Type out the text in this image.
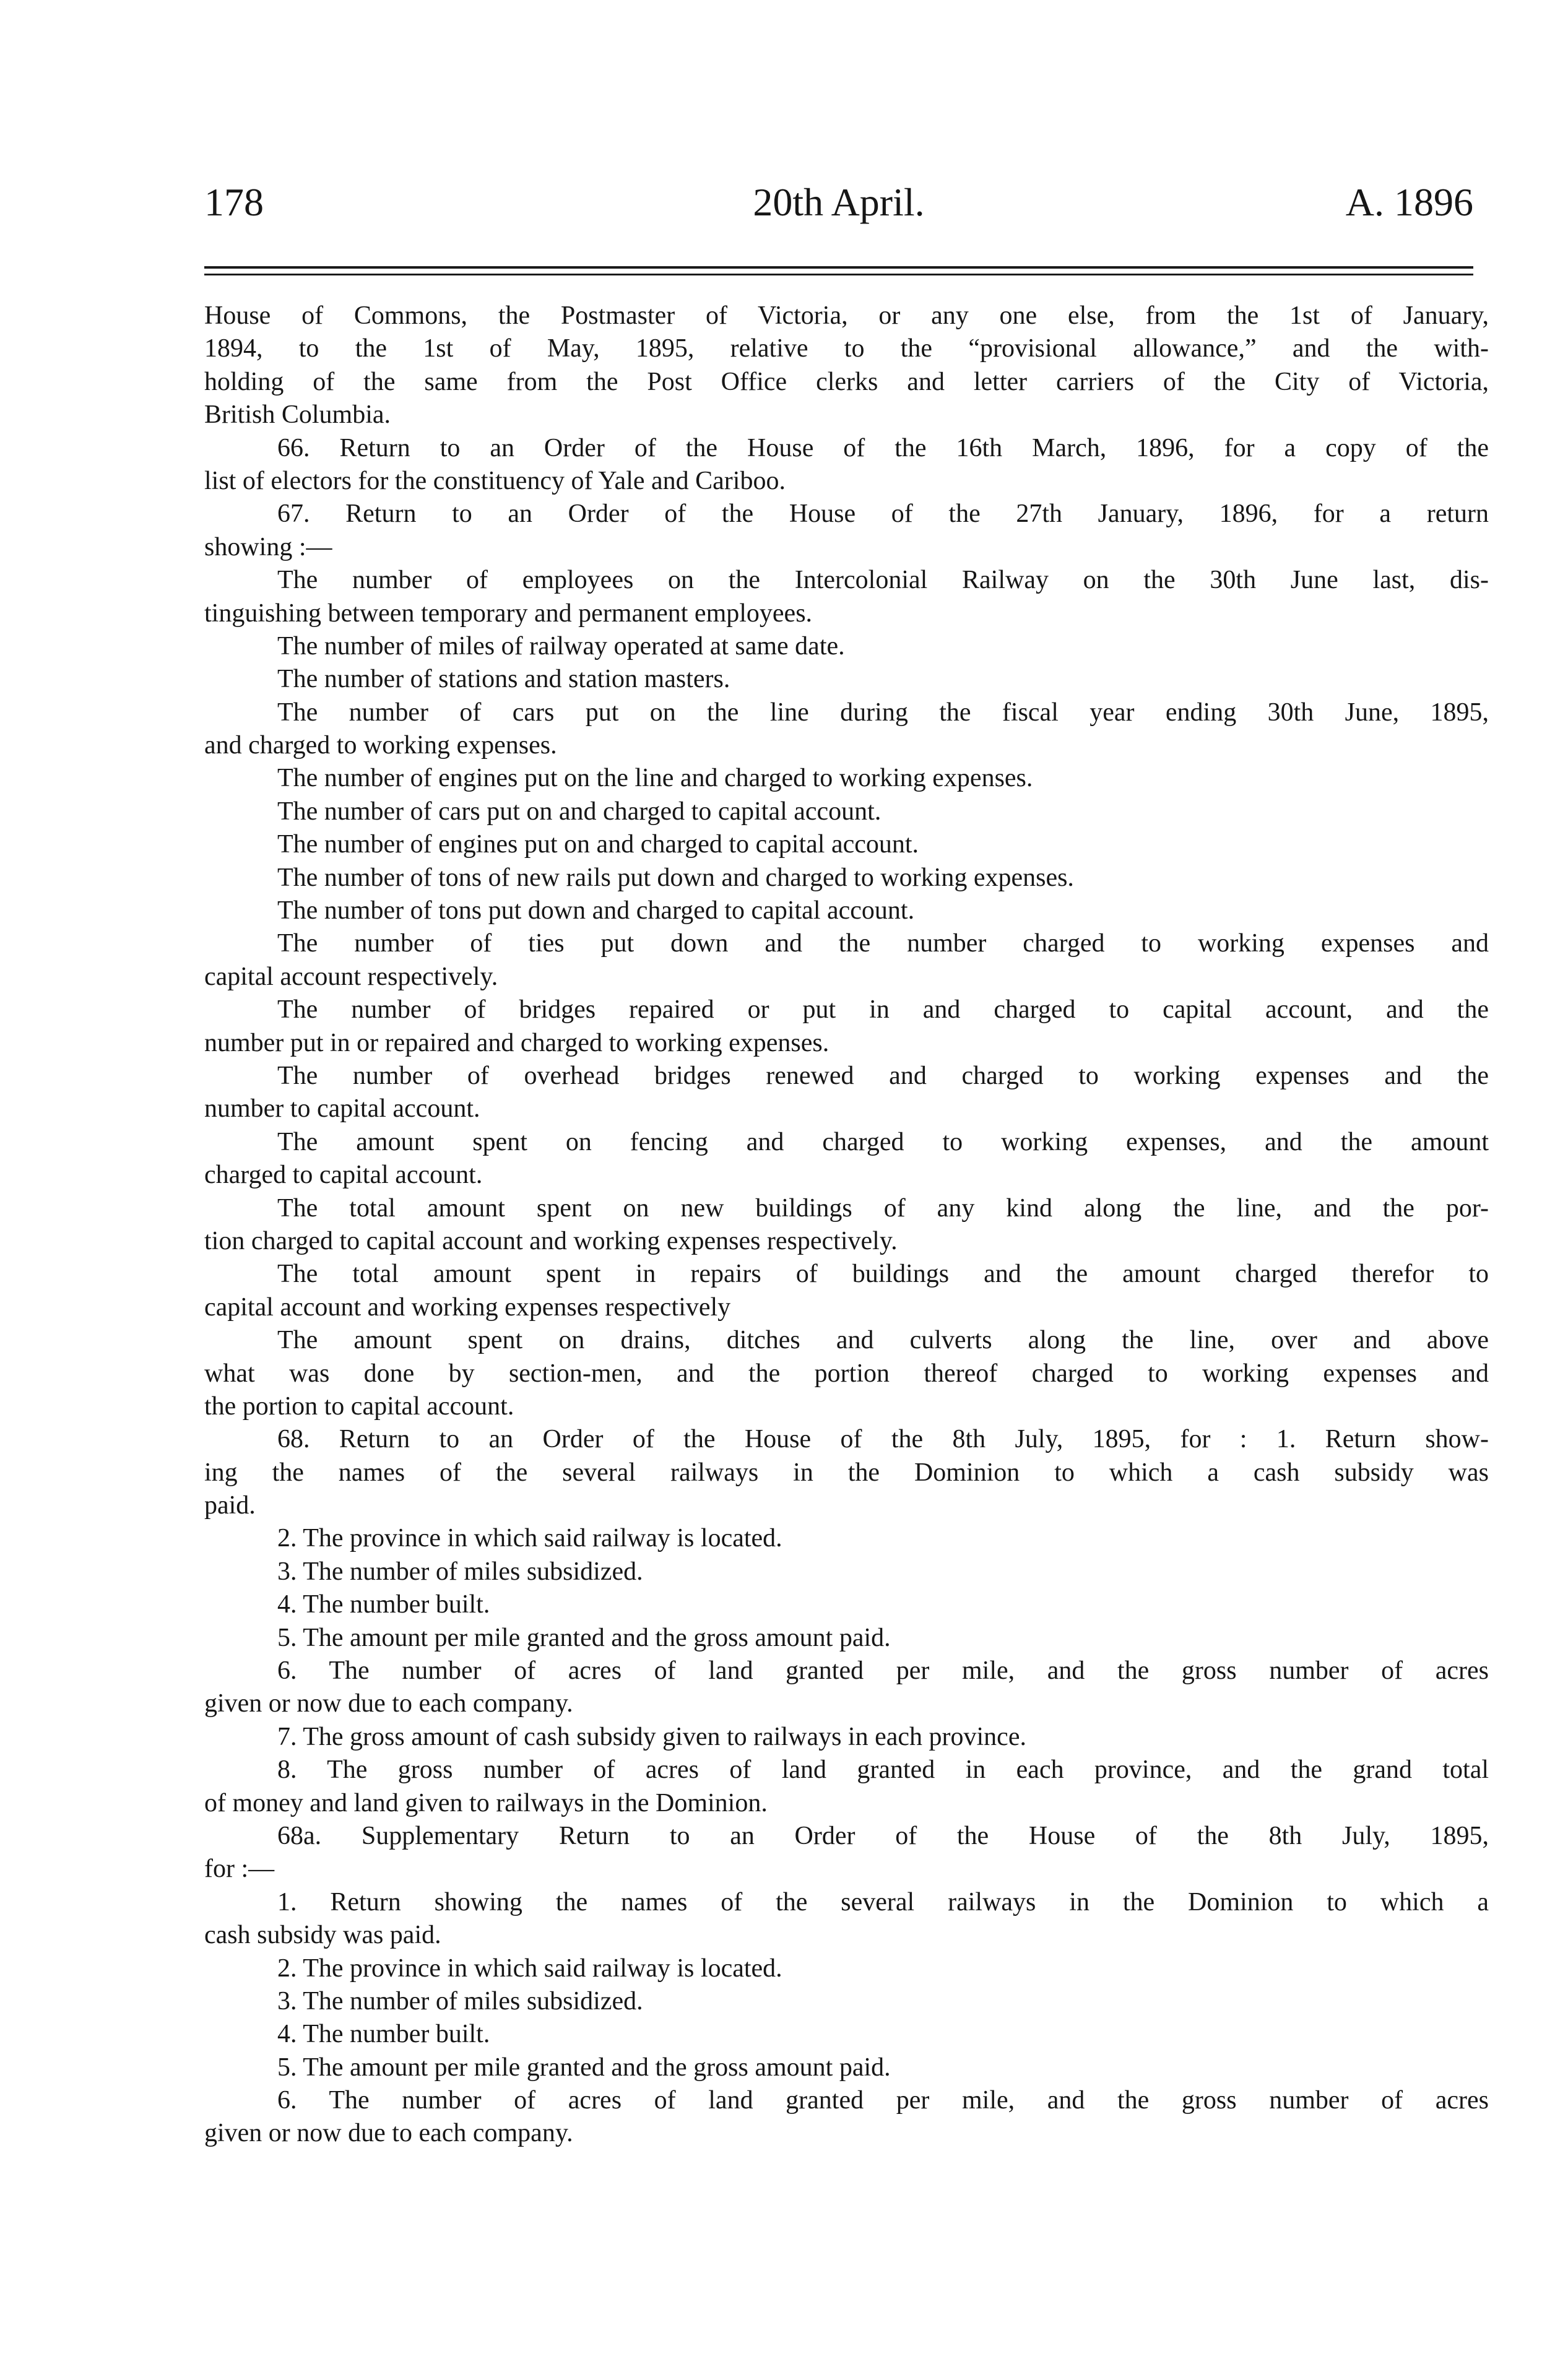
178	20th April.	A. 1896
House of Commons, the Postmaster of Victoria, or any one else, from the 1st of January,
1894, to the 1st of May, 1895, relative to the “provisional allowance,” and the with-
holding of the same from the Post Office clerks and letter carriers of the City of Victoria,
British Columbia.
66. Return to an Order of the House of the 16th March, 1896, for a copy of the
list of electors for the constituency of Yale and Cariboo.
67. Return to an Order of the House of the 27th January, 1896, for a return
showing :—
The number of employees on the Intercolonial Railway on the 30th June last, dis-
tinguishing between temporary and permanent employees.
The number of miles of railway operated at same date.
The number of stations and station masters.
The number of cars put on the line during the fiscal year ending 30th June, 1895,
and charged to working expenses.
The number of engines put on the line and charged to working expenses.
The number of cars put on and charged to capital account.
The number of engines put on and charged to capital account.
The number of tons of new rails put down and charged to working expenses.
The number of tons put down and charged to capital account.
The number of ties put down and the number charged to working expenses and
capital account respectively.
The number of bridges repaired or put in and charged to capital account, and the
number put in or repaired and charged to working expenses.
The number of overhead bridges renewed and charged to working expenses and the
number to capital account.
The amount spent on fencing and charged to working expenses, and the amount
charged to capital account.
The total amount spent on new buildings of any kind along the line, and the por-
tion charged to capital account and working expenses respectively.
The total amount spent in repairs of buildings and the amount charged therefor to
capital account and working expenses respectively
The amount spent on drains, ditches and culverts along the line, over and above
what was done by section-men, and the portion thereof charged to working expenses and
the portion to capital account.
68. Return to an Order of the House of the 8th July, 1895, for : 1. Return show-
ing the names of the several railways in the Dominion to which a cash subsidy was
paid.
2. The province in which said railway is located.
3. The number of miles subsidized.
4. The number built.
5. The amount per mile granted and the gross amount paid.
6. The number of acres of land granted per mile, and the gross number of acres
given or now due to each company.
7. The gross amount of cash subsidy given to railways in each province.
8. The gross number of acres of land granted in each province, and the grand total
of money and land given to railways in the Dominion.
68a. Supplementary Return to an Order of the House of the 8th July, 1895,
for :—
1. Return showing the names of the several railways in the Dominion to which a
cash subsidy was paid.
2. The province in which said railway is located.
3. The number of miles subsidized.
4. The number built.
5. The amount per mile granted and the gross amount paid.
6. The number of acres of land granted per mile, and the gross number of acres
given or now due to each company.
